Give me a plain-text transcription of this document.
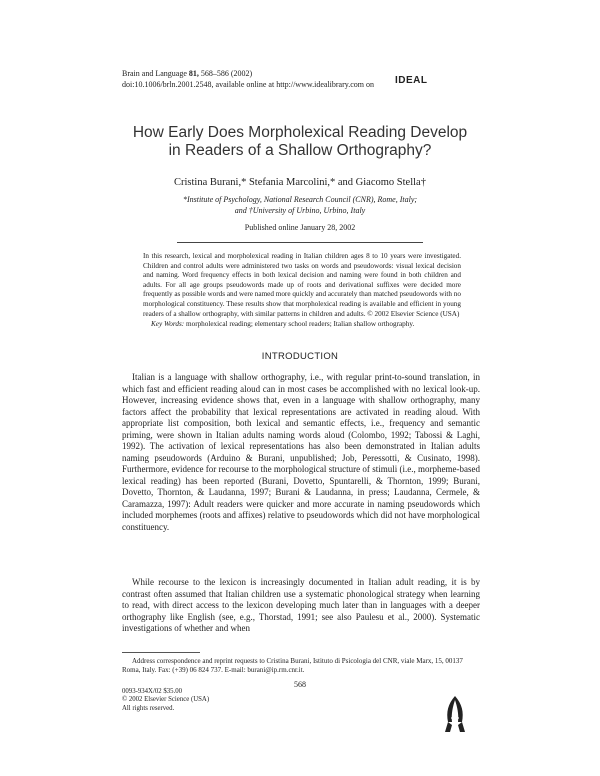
Brain and Language 81, 568–586 (2002)
doi:10.1006/brln.2001.2548, available online at http://www.idealibrary.com on IDEAL
How Early Does Morpholexical Reading Develop
in Readers of a Shallow Orthography?
Cristina Burani,* Stefania Marcolini,* and Giacomo Stella†
*Institute of Psychology, National Research Council (CNR), Rome, Italy;
and †University of Urbino, Urbino, Italy
Published online January 28, 2002
In this research, lexical and morpholexical reading in Italian children ages 8 to 10 years were investigated. Children and control adults were administered two tasks on words and pseudowords: visual lexical decision and naming. Word frequency effects in both lexical decision and naming were found in both children and adults. For all age groups pseudowords made up of roots and derivational suffixes were decided more frequently as possible words and were named more quickly and accurately than matched pseudowords with no morphological constituency. These results show that morpholexical reading is available and efficient in young readers of a shallow orthography, with similar patterns in children and adults. © 2002 Elsevier Science (USA)
Key Words: morpholexical reading; elementary school readers; Italian shallow orthography.
INTRODUCTION
Italian is a language with shallow orthography, i.e., with regular print-to-sound translation, in which fast and efficient reading aloud can in most cases be accomplished with no lexical look-up. However, increasing evidence shows that, even in a language with shallow orthography, many factors affect the probability that lexical representations are activated in reading aloud. With appropriate list composition, both lexical and semantic effects, i.e., frequency and semantic priming, were shown in Italian adults naming words aloud (Colombo, 1992; Tabossi & Laghi, 1992). The activation of lexical representations has also been demonstrated in Italian adults naming pseudowords (Arduino & Burani, unpublished; Job, Peressotti, & Cusinato, 1998). Furthermore, evidence for recourse to the morphological structure of stimuli (i.e., morpheme-based lexical reading) has been reported (Burani, Dovetto, Spuntarelli, & Thornton, 1999; Burani, Dovetto, Thornton, & Laudanna, 1997; Burani & Laudanna, in press; Laudanna, Cermele, & Caramazza, 1997): Adult readers were quicker and more accurate in naming pseudowords which included morphemes (roots and affixes) relative to pseudowords which did not have morphological constituency.
While recourse to the lexicon is increasingly documented in Italian adult reading, it is by contrast often assumed that Italian children use a systematic phonological strategy when learning to read, with direct access to the lexicon developing much later than in languages with a deeper orthography like English (see, e.g., Thorstad, 1991; see also Paulesu et al., 2000). Systematic investigations of whether and when
Address correspondence and reprint requests to Cristina Burani, Istituto di Psicologia del CNR, viale Marx, 15, 00137 Roma, Italy. Fax: (+39) 06 824 737. E-mail: burani@ip.rm.cnr.it.
568
0093-934X/02 $35.00
© 2002 Elsevier Science (USA)
All rights reserved.
